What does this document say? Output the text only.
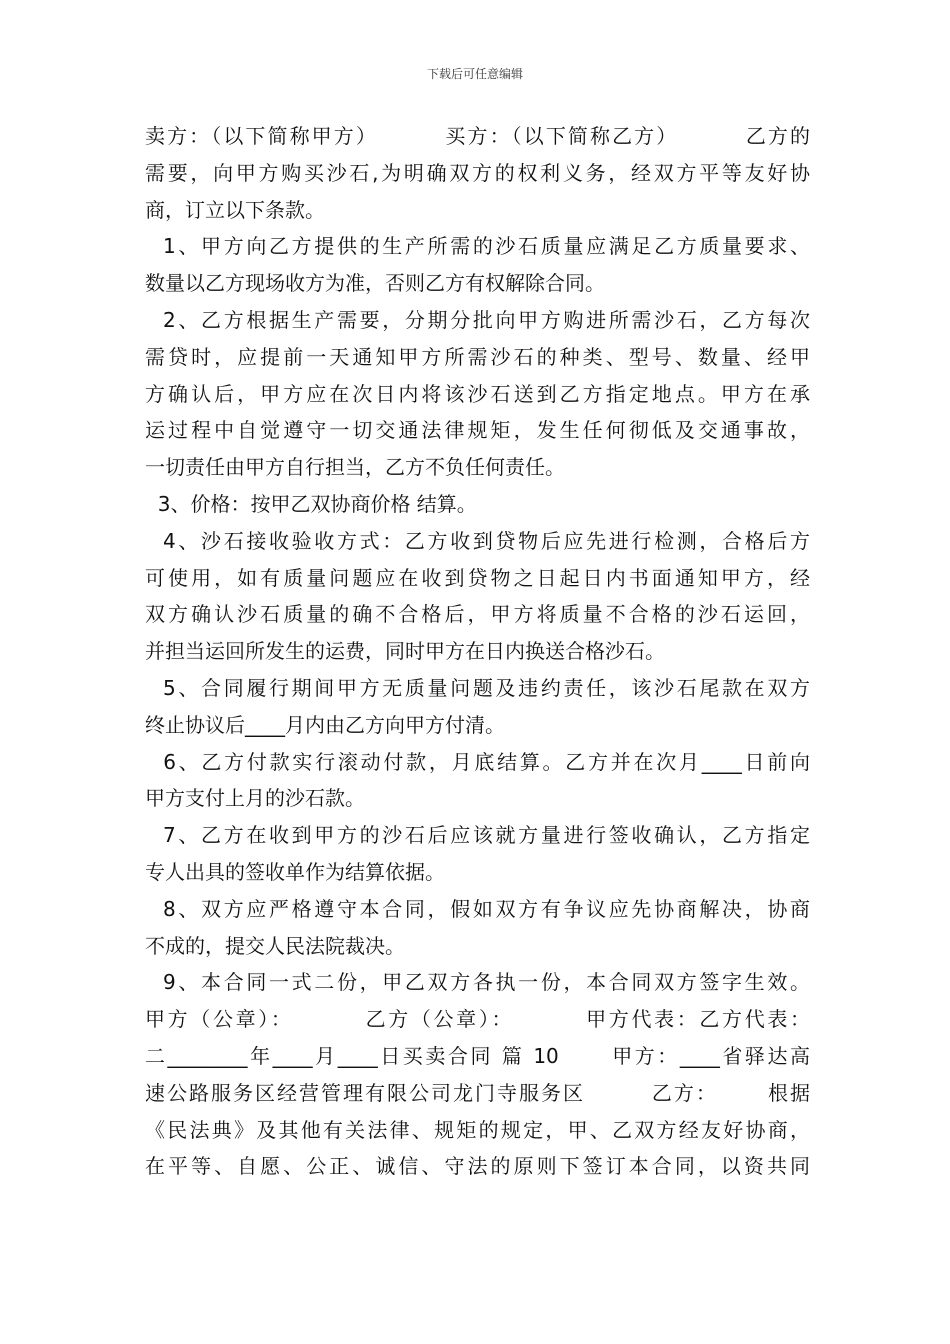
下载后可任意编辑
卖方：（以下简称甲方）        买方：（以下简称乙方）        乙方的
需要，向甲方购买沙石,为明确双方的权利义务，经双方平等友好协
商，订立以下条款。
1、甲方向乙方提供的生产所需的沙石质量应满足乙方质量要求、
数量以乙方现场收方为准，否则乙方有权解除合同。
2、乙方根据生产需要，分期分批向甲方购进所需沙石，乙方每次
需贷时，应提前一天通知甲方所需沙石的种类、型号、数量、经甲
方确认后，甲方应在次日内将该沙石送到乙方指定地点。甲方在承
运过程中自觉遵守一切交通法律规矩，发生任何彻低及交通事故，
一切责任由甲方自行担当，乙方不负任何责任。
3、价格：按甲乙双协商价格 结算。
4、沙石接收验收方式：乙方收到贷物后应先进行检测，合格后方
可使用，如有质量问题应在收到贷物之日起日内书面通知甲方，经
双方确认沙石质量的确不合格后，甲方将质量不合格的沙石运回，
并担当运回所发生的运费，同时甲方在日内换送合格沙石。
5、合同履行期间甲方无质量问题及违约责任，该沙石尾款在双方
终止协议后____月内由乙方向甲方付清。
6、乙方付款实行滚动付款，月底结算。乙方并在次月____日前向
甲方支付上月的沙石款。
7、乙方在收到甲方的沙石后应该就方量进行签收确认，乙方指定
专人出具的签收单作为结算依据。
8、双方应严格遵守本合同，假如双方有争议应先协商解决，协商
不成的，提交人民法院裁决。
9、本合同一式二份，甲乙双方各执一份，本合同双方签字生效。
甲方（公章）：        乙方（公章）：        甲方代表：乙方代表：
二________年____月____日买卖合同 篇 10      甲方：____省驿达高
速公路服务区经营管理有限公司龙门寺服务区        乙方：      根据
《民法典》及其他有关法律、规矩的规定，甲、乙双方经友好协商，
在平等、自愿、公正、诚信、守法的原则下签订本合同，以资共同
